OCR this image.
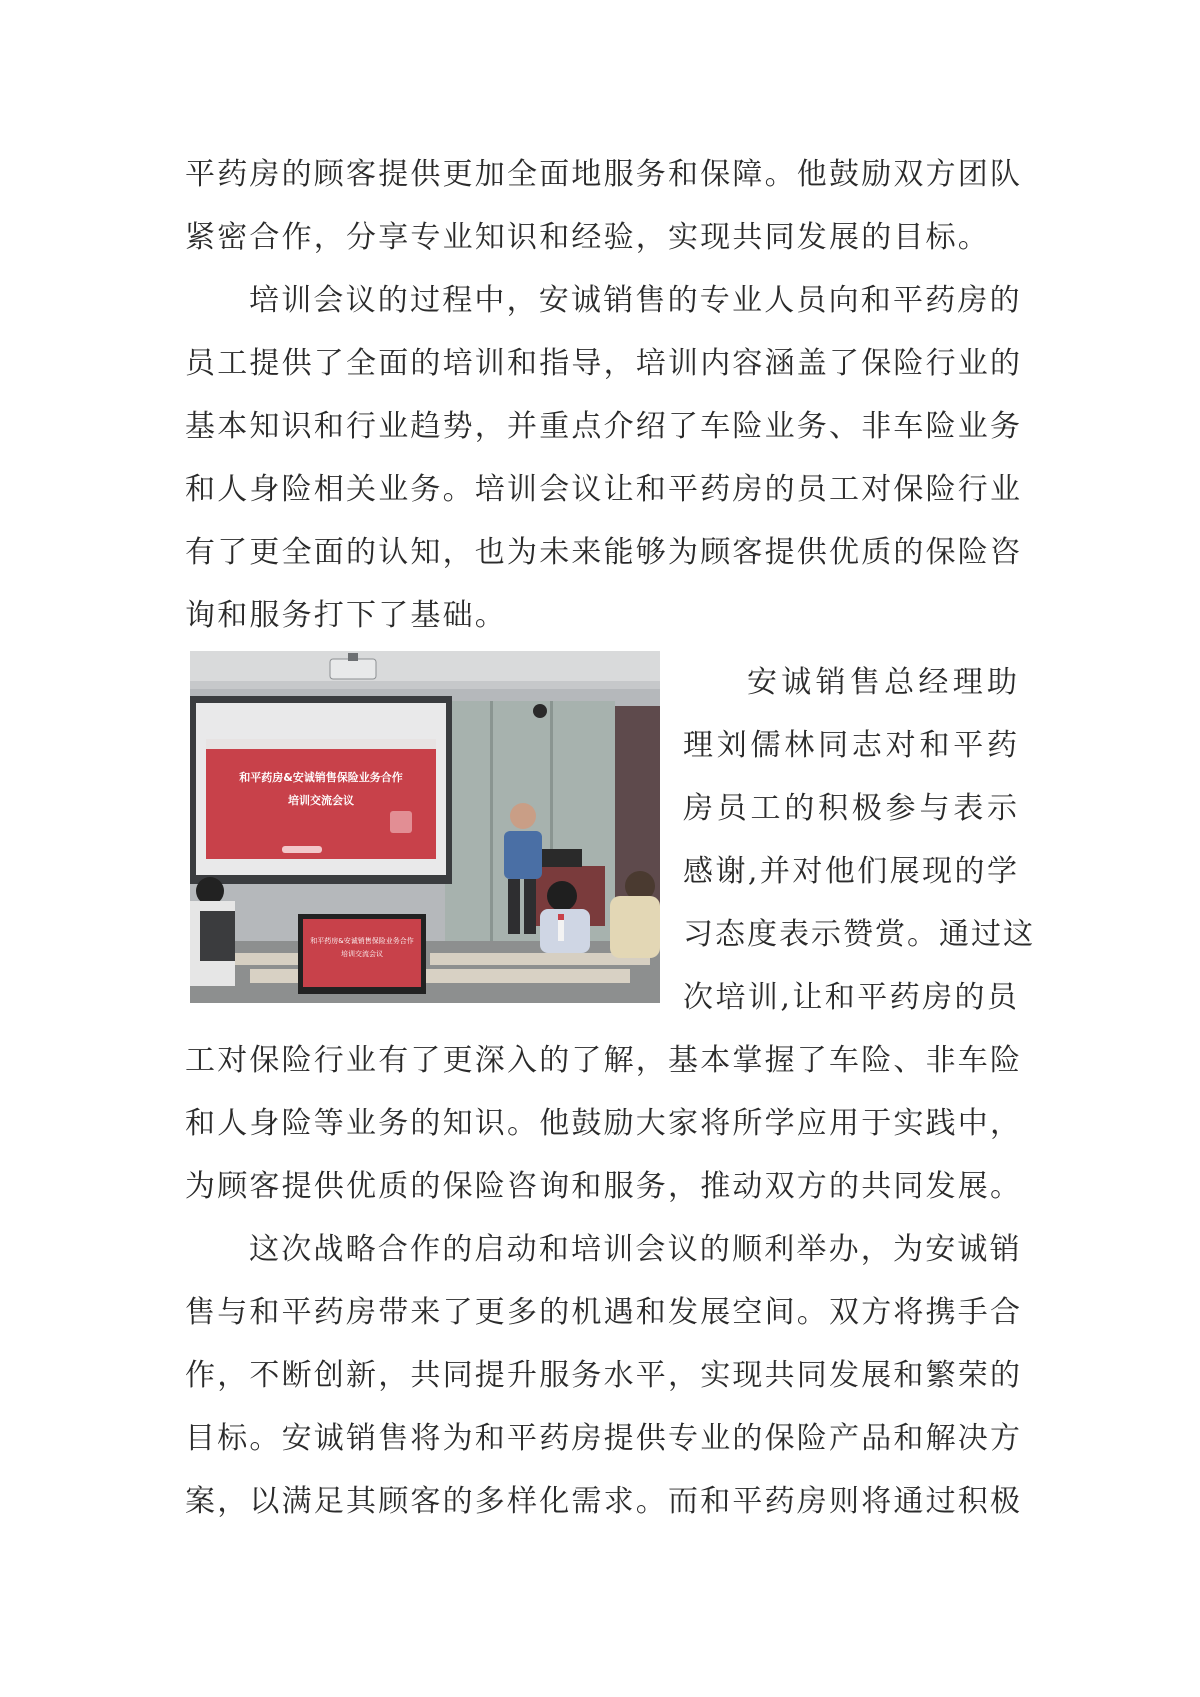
平药房的顾客提供更加全面地服务和保障。他鼓励双方团队
紧密合作，分享专业知识和经验，实现共同发展的目标。
培训会议的过程中，安诚销售的专业人员向和平药房的
员工提供了全面的培训和指导，培训内容涵盖了保险行业的
基本知识和行业趋势，并重点介绍了车险业务、非车险业务
和人身险相关业务。培训会议让和平药房的员工对保险行业
有了更全面的认知，也为未来能够为顾客提供优质的保险咨
询和服务打下了基础。
和平药房&安诚销售保险业务合作
培训交流会议
和平药房&安诚销售保险业务合作
培训交流会议
安诚销售总经理助
理刘儒林同志对和平药
房员工的积极参与表示
感谢,并对他们展现的学
习态度表示赞赏。通过这
次培训,让和平药房的员
工对保险行业有了更深入的了解，基本掌握了车险、非车险
和人身险等业务的知识。他鼓励大家将所学应用于实践中，
为顾客提供优质的保险咨询和服务，推动双方的共同发展。
这次战略合作的启动和培训会议的顺利举办，为安诚销
售与和平药房带来了更多的机遇和发展空间。双方将携手合
作，不断创新，共同提升服务水平，实现共同发展和繁荣的
目标。安诚销售将为和平药房提供专业的保险产品和解决方
案，以满足其顾客的多样化需求。而和平药房则将通过积极
